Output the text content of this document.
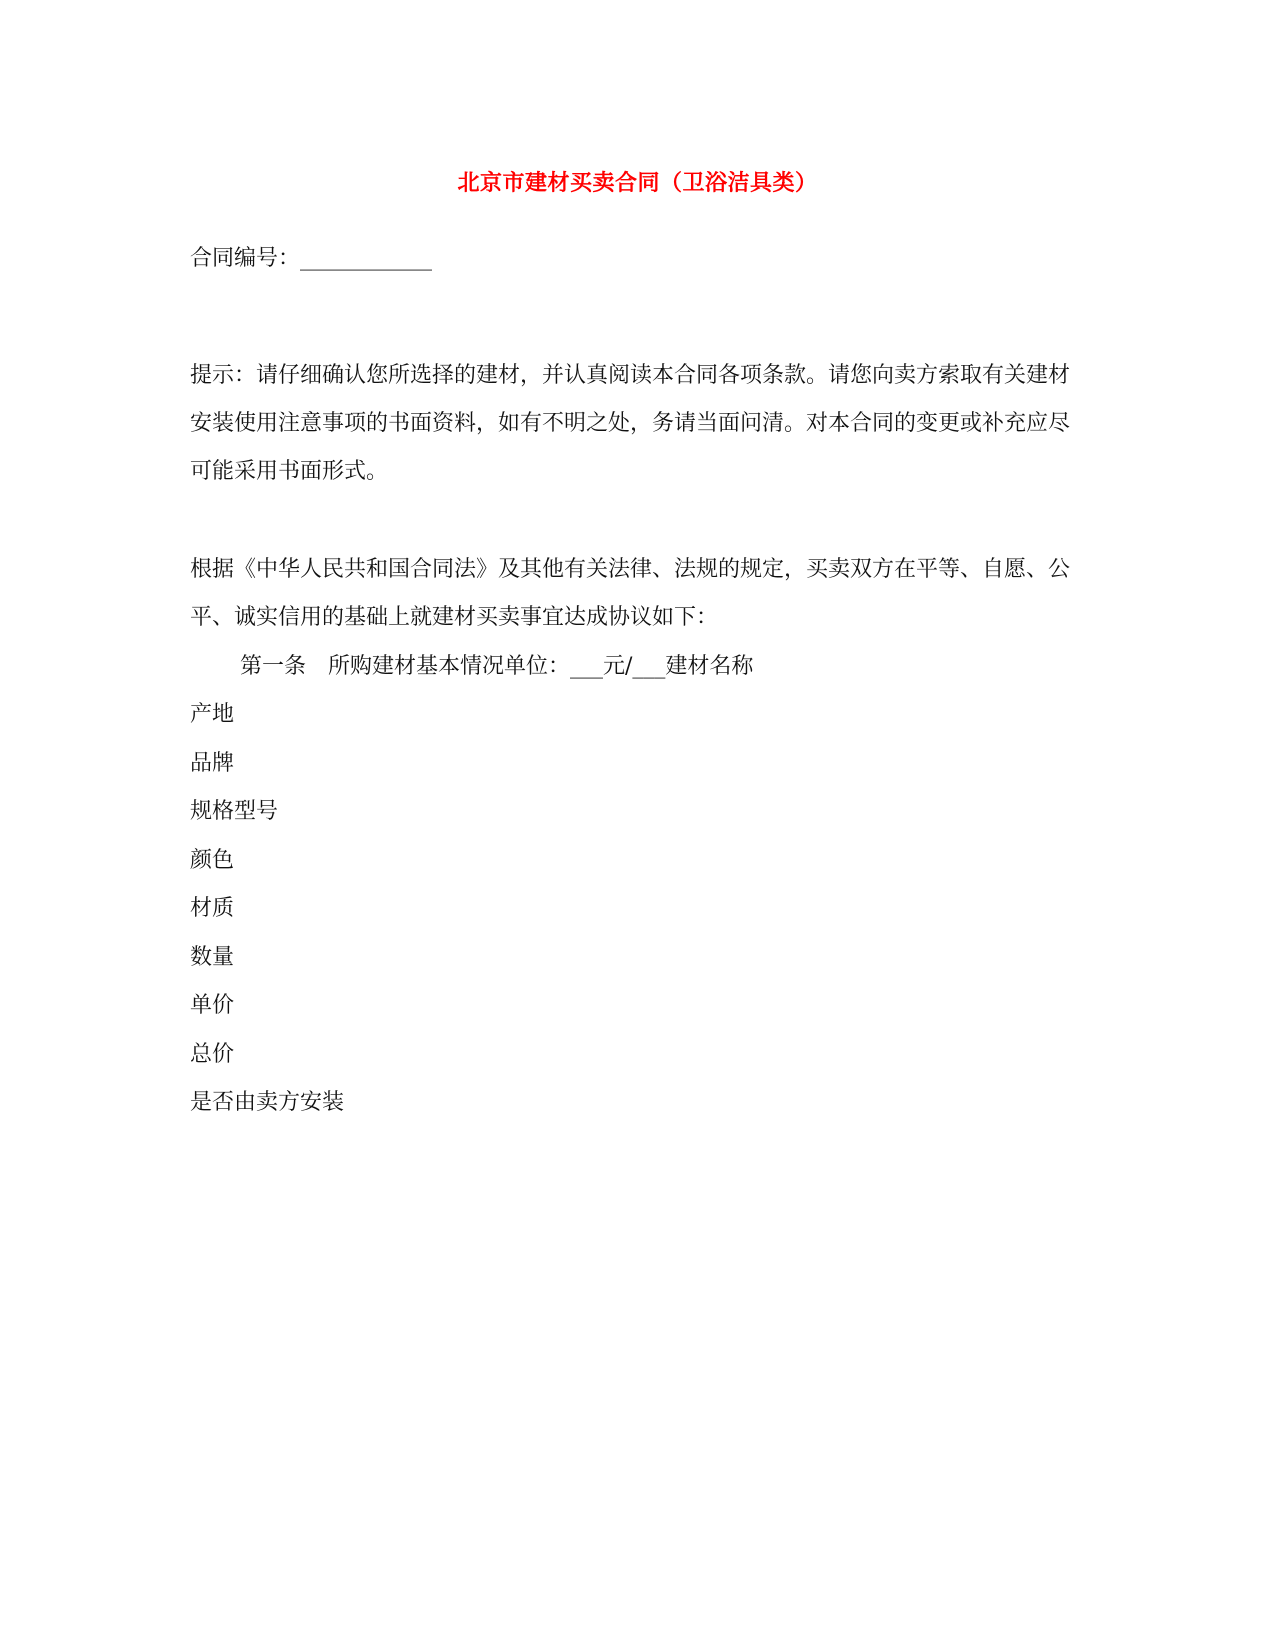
北京市建材买卖合同（卫浴洁具类）
合同编号：____________
提示：请仔细确认您所选择的建材，并认真阅读本合同各项条款。请您向卖方索取有关建材安装使用注意事项的书面资料，如有不明之处，务请当面问清。对本合同的变更或补充应尽可能采用书面形式。
根据《中华人民共和国合同法》及其他有关法律、法规的规定，买卖双方在平等、自愿、公平、诚实信用的基础上就建材买卖事宜达成协议如下：
第一条　所购建材基本情况单位：___元/___建材名称
产地
品牌
规格型号
颜色
材质
数量
单价
总价
是否由卖方安装
